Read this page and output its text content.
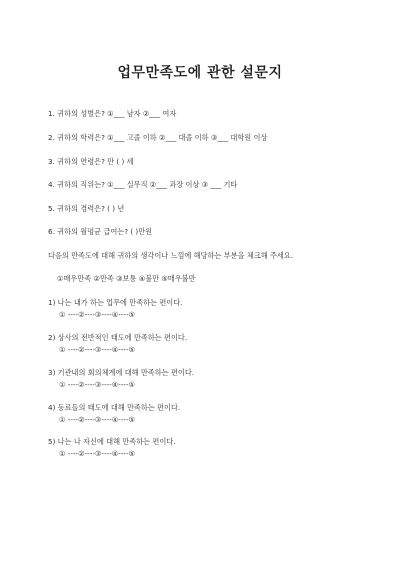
업무만족도에 관한 설문지
1. 귀하의 성별은? ①___ 남자 ②___ 여자
2. 귀하의 학력은? ①___ 고졸 이하 ②___ 대졸 이하 ③___ 대학원 이상
3. 귀하의 연령은? 만 ( ) 세
4. 귀하의 직위는? ①___ 실무직 ②___ 과장 이상 ③ ___ 기타
5. 귀하의 경력은? ( ) 년
6. 귀하의 월평균 급여는? ( )만원
다음의 만족도에 대해 귀하의 생각이나 느낌에 해당하는 부분을 체크해 주세요.
①매우만족 ②만족 ③보통 ④불만 ⑤매우불만
1) 나는 내가 하는 업무에 만족하는 편이다.
① ----②----③----④----⑤
2) 상사의 전반적인 태도에 만족하는 편이다.
① ----②----③----④----⑤
3) 기관내의 회의체계에 대해 만족하는 편이다.
① ----②----③----④----⑤
4) 동료들의 태도에 대해 만족하는 편이다.
① ----②----③----④----⑤
5) 나는 나 자신에 대해 만족하는 편이다.
① ----②----③----④----⑤
